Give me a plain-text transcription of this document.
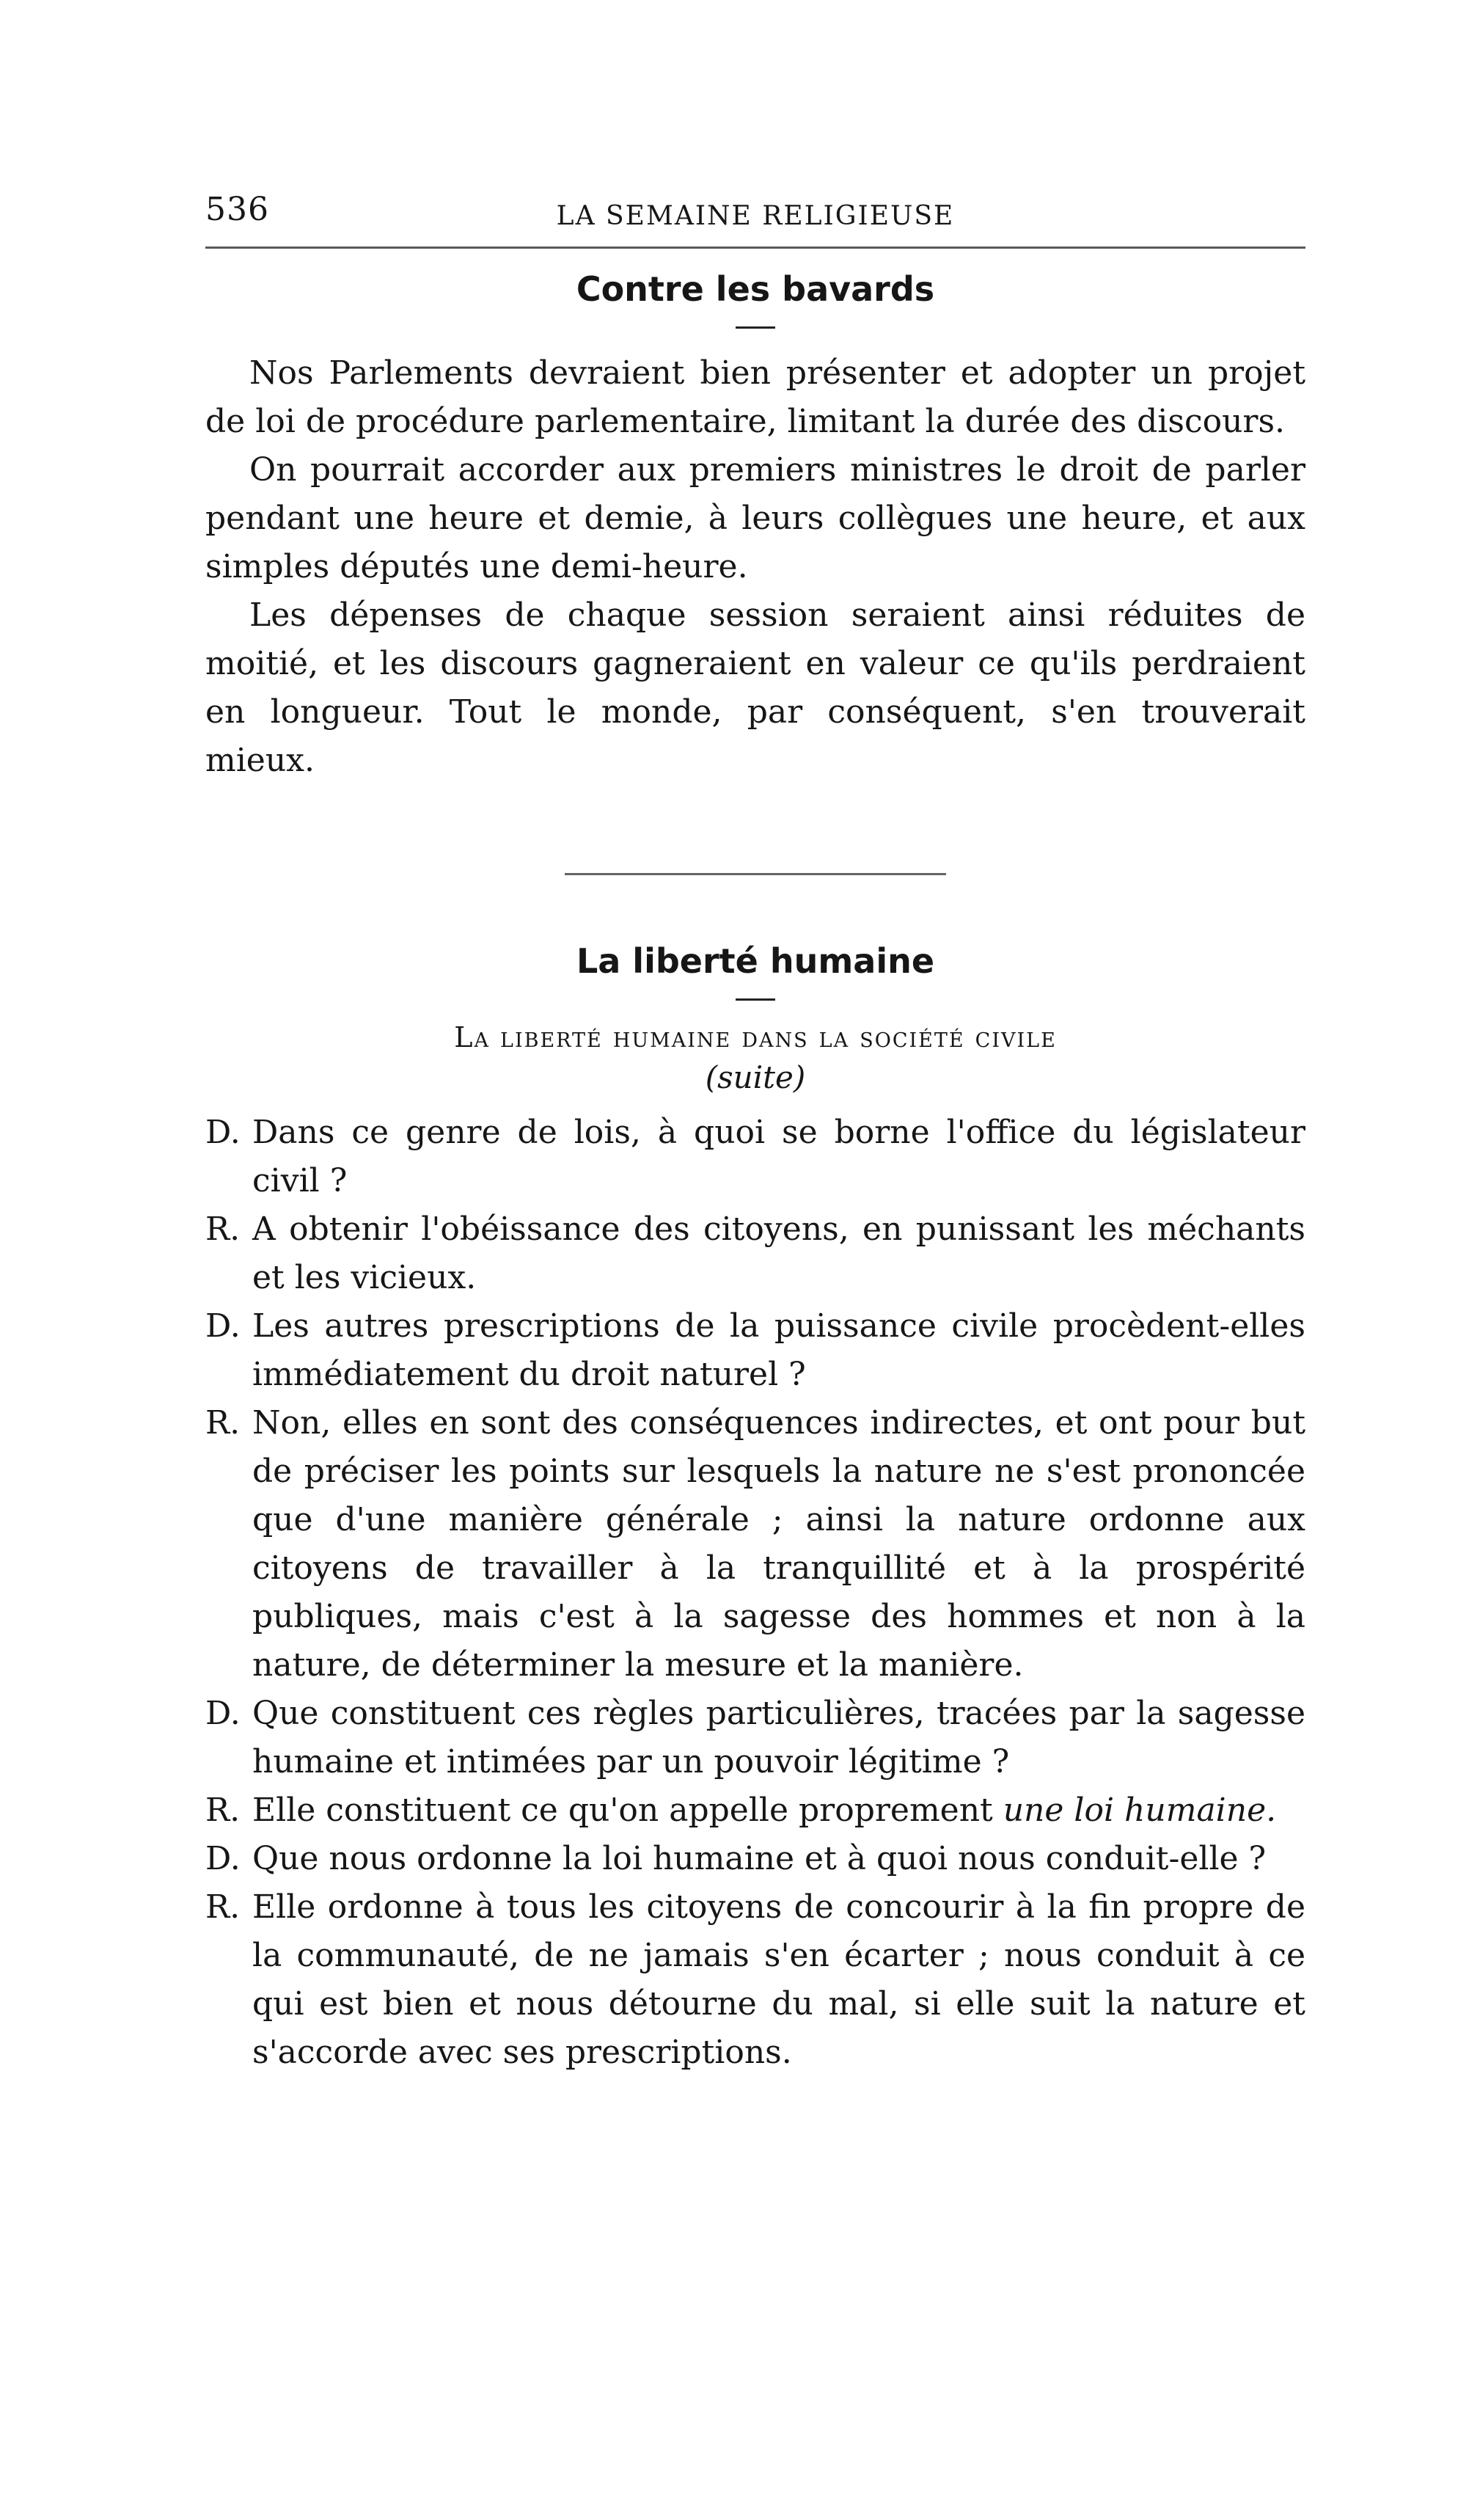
536	LA SEMAINE RELIGIEUSE
Contre les bavards

Nos Parlements devraient bien présenter et adopter un projet de loi de procédure parlementaire, limitant la durée des discours.

On pourrait accorder aux premiers ministres le droit de parler pendant une heure et demie, à leurs collègues une heure, et aux simples députés une demi-heure.

Les dépenses de chaque session seraient ainsi réduites de moitié, et les discours gagneraient en valeur ce qu'ils perdraient en longueur. Tout le monde, par conséquent, s'en trouverait mieux.

La liberté humaine
La liberté humaine dans la société civile
(suite)
D. Dans ce genre de lois, à quoi se borne l'office du législateur civil ?
R. A obtenir l'obéissance des citoyens, en punissant les méchants et les vicieux.
D. Les autres prescriptions de la puissance civile procèdent-elles immédiatement du droit naturel ?
R. Non, elles en sont des conséquences indirectes, et ont pour but de préciser les points sur lesquels la nature ne s'est prononcée que d'une manière générale ; ainsi la nature ordonne aux citoyens de travailler à la tranquillité et à la prospérité publiques, mais c'est à la sagesse des hommes et non à la nature, de déterminer la mesure et la manière.
D. Que constituent ces règles particulières, tracées par la sagesse humaine et intimées par un pouvoir légitime ?
R. Elle constituent ce qu'on appelle proprement une loi humaine.
D. Que nous ordonne la loi humaine et à quoi nous conduit-elle ?
R. Elle ordonne à tous les citoyens de concourir à la fin propre de la communauté, de ne jamais s'en écarter ; nous conduit à ce qui est bien et nous détourne du mal, si elle suit la nature et s'accorde avec ses prescriptions.
